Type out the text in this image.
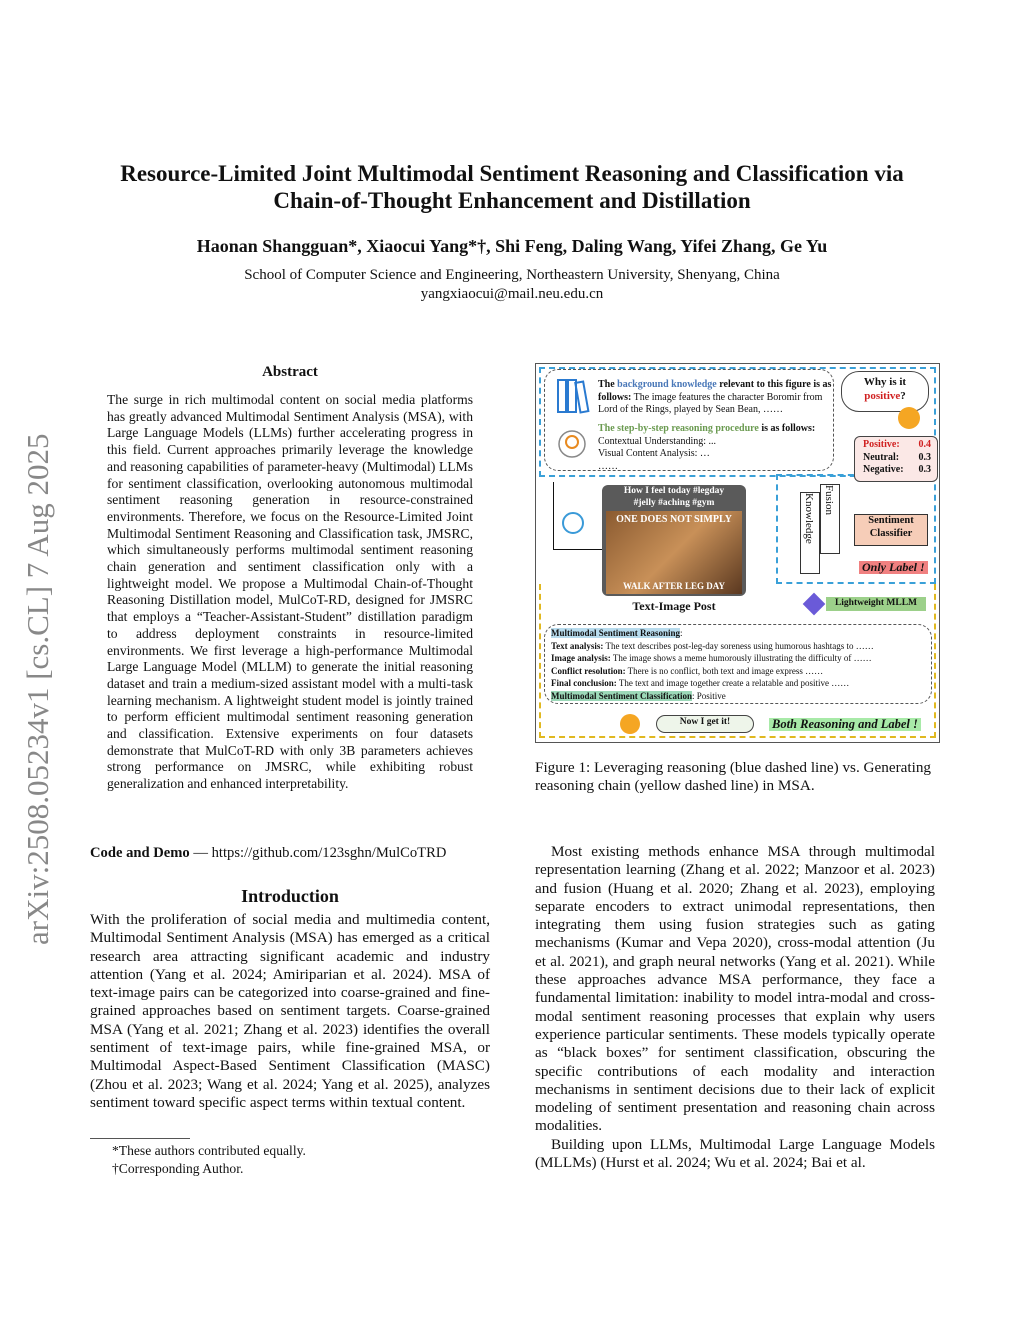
arXiv:2508.05234v1 [cs.CL] 7 Aug 2025
Resource-Limited Joint Multimodal Sentiment Reasoning and Classification via
Chain-of-Thought Enhancement and Distillation
Haonan Shangguan*, Xiaocui Yang*†, Shi Feng, Daling Wang, Yifei Zhang, Ge Yu
School of Computer Science and Engineering, Northeastern University, Shenyang, China
yangxiaocui@mail.neu.edu.cn
Abstract
The surge in rich multimodal content on social media platforms has greatly advanced Multimodal Sentiment Analysis (MSA), with Large Language Models (LLMs) further accelerating progress in this field. Current approaches primarily leverage the knowledge and reasoning capabilities of parameter-heavy (Multimodal) LLMs for sentiment classification, overlooking autonomous multimodal sentiment reasoning generation in resource-constrained environments. Therefore, we focus on the Resource-Limited Joint Multimodal Sentiment Reasoning and Classification task, JMSRC, which simultaneously performs multimodal sentiment reasoning chain generation and sentiment classification only with a lightweight model. We propose a Multimodal Chain-of-Thought Reasoning Distillation model, MulCoT-RD, designed for JMSRC that employs a “Teacher-Assistant-Student” distillation paradigm to address deployment constraints in resource-limited environments. We first leverage a high-performance Multimodal Large Language Model (MLLM) to generate the initial reasoning dataset and train a medium-sized assistant model with a multi-task learning mechanism. A lightweight student model is jointly trained to perform efficient multimodal sentiment reasoning generation and classification. Extensive experiments on four datasets demonstrate that MulCoT-RD with only 3B parameters achieves strong performance on JMSRC, while exhibiting robust generalization and enhanced interpretability.
Code and Demo — https://github.com/123sghn/MulCoTRD
Introduction
With the proliferation of social media and multimedia content, Multimodal Sentiment Analysis (MSA) has emerged as a critical research area attracting significant academic and industry attention (Yang et al. 2024; Amiriparian et al. 2024). MSA of text-image pairs can be categorized into coarse-grained and fine-grained approaches based on sentiment targets. Coarse-grained MSA (Yang et al. 2021; Zhang et al. 2023) identifies the overall sentiment of text-image pairs, while fine-grained MSA, or Multimodal Aspect-Based Sentiment Classification (MASC) (Zhou et al. 2023; Wang et al. 2024; Yang et al. 2025), analyzes sentiment toward specific aspect terms within textual content.
*These authors contributed equally.
†Corresponding Author.
The background knowledge relevant to this figure is as follows: The image features the character Boromir from Lord of the Rings, played by Sean Bean, ……
The step-by-step reasoning procedure is as follows:
Contextual Understanding: ...
Visual Content Analysis: …
……
Why is it
positive?
Positive: 0.4
Neutral: 0.3
Negative: 0.3
How I feel today #legday
#jelly #aching #gym
ONE DOES NOT SIMPLY
WALK AFTER LEG DAY
Text-Image Post
Knowledge Fusion
Sentiment
Classifier
Only Label !
Lightweight MLLM
Multimodal Sentiment Reasoning:
Text analysis: The text describes post-leg-day soreness using humorous hashtags to ……
Image analysis: The image shows a meme humorously illustrating the difficulty of ……
Conflict resolution: There is no conflict, both text and image express ……
Final conclusion: The text and image together create a relatable and positive ……
Multimodal Sentiment Classification: Positive
Now I get it!	Both Reasoning and Label !
Figure 1: Leveraging reasoning (blue dashed line) vs. Generating reasoning chain (yellow dashed line) in MSA.

Most existing methods enhance MSA through multimodal representation learning (Zhang et al. 2022; Manzoor et al. 2023) and fusion (Huang et al. 2020; Zhang et al. 2023), employing separate encoders to extract unimodal representations, then integrating them using fusion strategies such as gating mechanisms (Kumar and Vepa 2020), cross-modal attention (Ju et al. 2021), and graph neural networks (Yang et al. 2021). While these approaches advance MSA performance, they face a fundamental limitation: inability to model intra-modal and cross-modal sentiment reasoning processes that explain why users experience particular sentiments. These models typically operate as “black boxes” for sentiment classification, obscuring the specific contributions of each modality and interaction mechanisms in sentiment decisions due to their lack of explicit modeling of sentiment presentation and reasoning chain across modalities.

Building upon LLMs, Multimodal Large Language Models (MLLMs) (Hurst et al. 2024; Wu et al. 2024; Bai et al.
